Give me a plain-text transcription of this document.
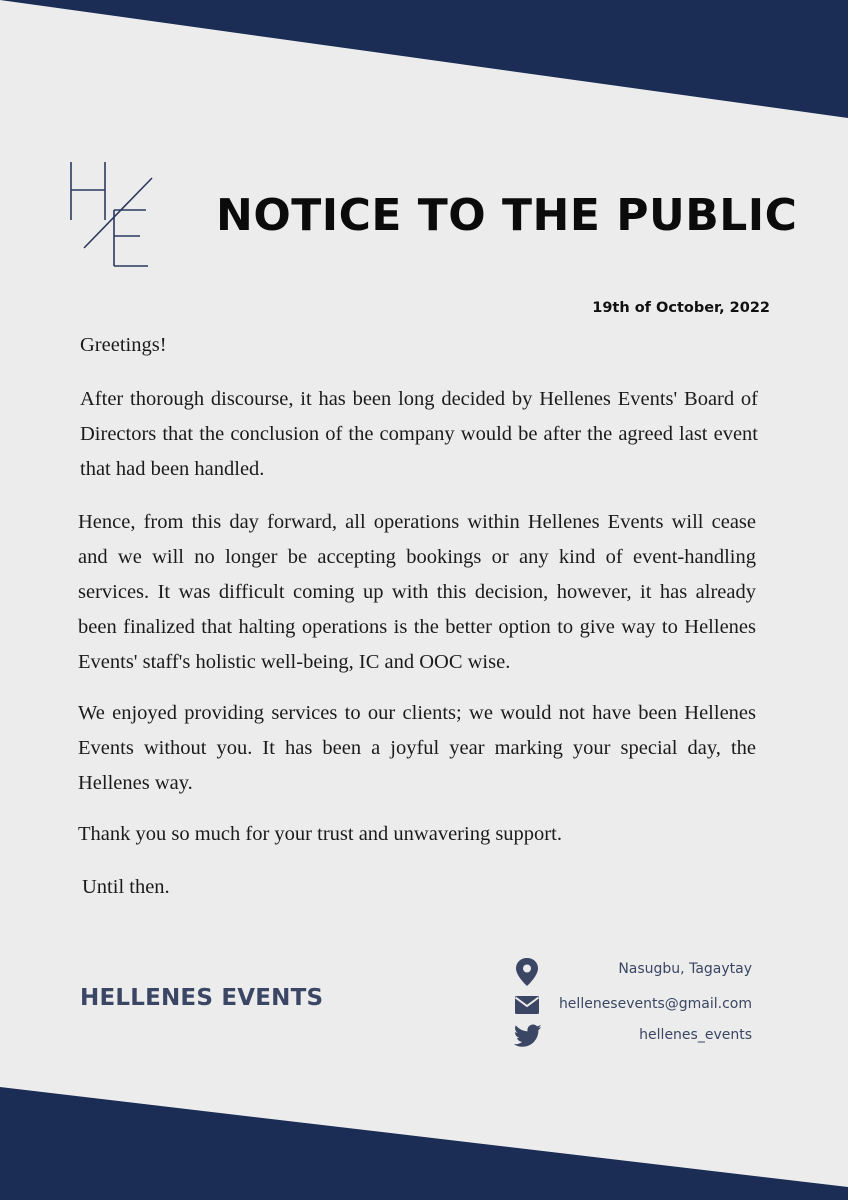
NOTICE TO THE PUBLIC
19th of October, 2022

Greetings!

After thorough discourse, it has been long decided by Hellenes Events' Board of Directors that the conclusion of the company would be after the agreed last event that had been handled.

Hence, from this day forward, all operations within Hellenes Events will cease and we will no longer be accepting bookings or any kind of event-handling services. It was difficult coming up with this decision, however, it has already been finalized that halting operations is the better option to give way to Hellenes Events' staff's holistic well-being, IC and OOC wise.

We enjoyed providing services to our clients; we would not have been Hellenes Events without you. It has been a joyful year marking your special day, the Hellenes way.

Thank you so much for your trust and unwavering support.

Until then.

HELLENES EVENTS
Nasugbu, Tagaytay
hellenesevents@gmail.com
hellenes_events
